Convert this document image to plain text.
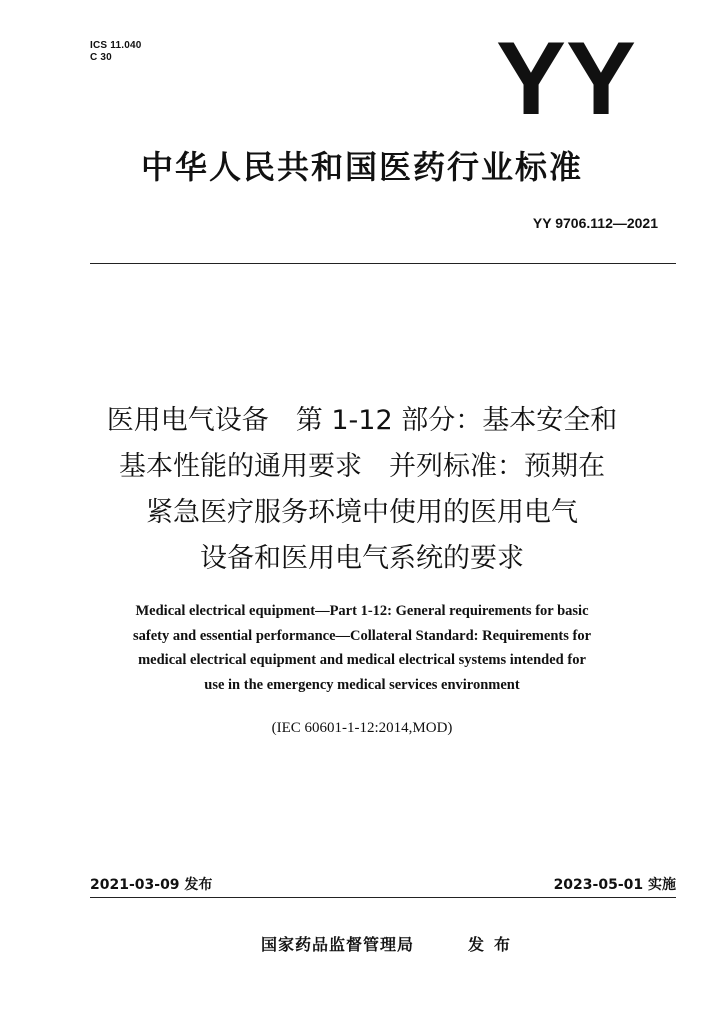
ICS 11.040
C 30	YY
中华人民共和国医药行业标准
YY 9706.112—2021
医用电气设备　第 1-12 部分：基本安全和
基本性能的通用要求　并列标准：预期在
紧急医疗服务环境中使用的医用电气
设备和医用电气系统的要求
Medical electrical equipment—Part 1-12: General requirements for basic
safety and essential performance—Collateral Standard: Requirements for
medical electrical equipment and medical electrical systems intended for
use in the emergency medical services environment
(IEC 60601-1-12:2014,MOD)
2021-03-09 发布	2023-05-01 实施
国家药品监督管理局	发布
